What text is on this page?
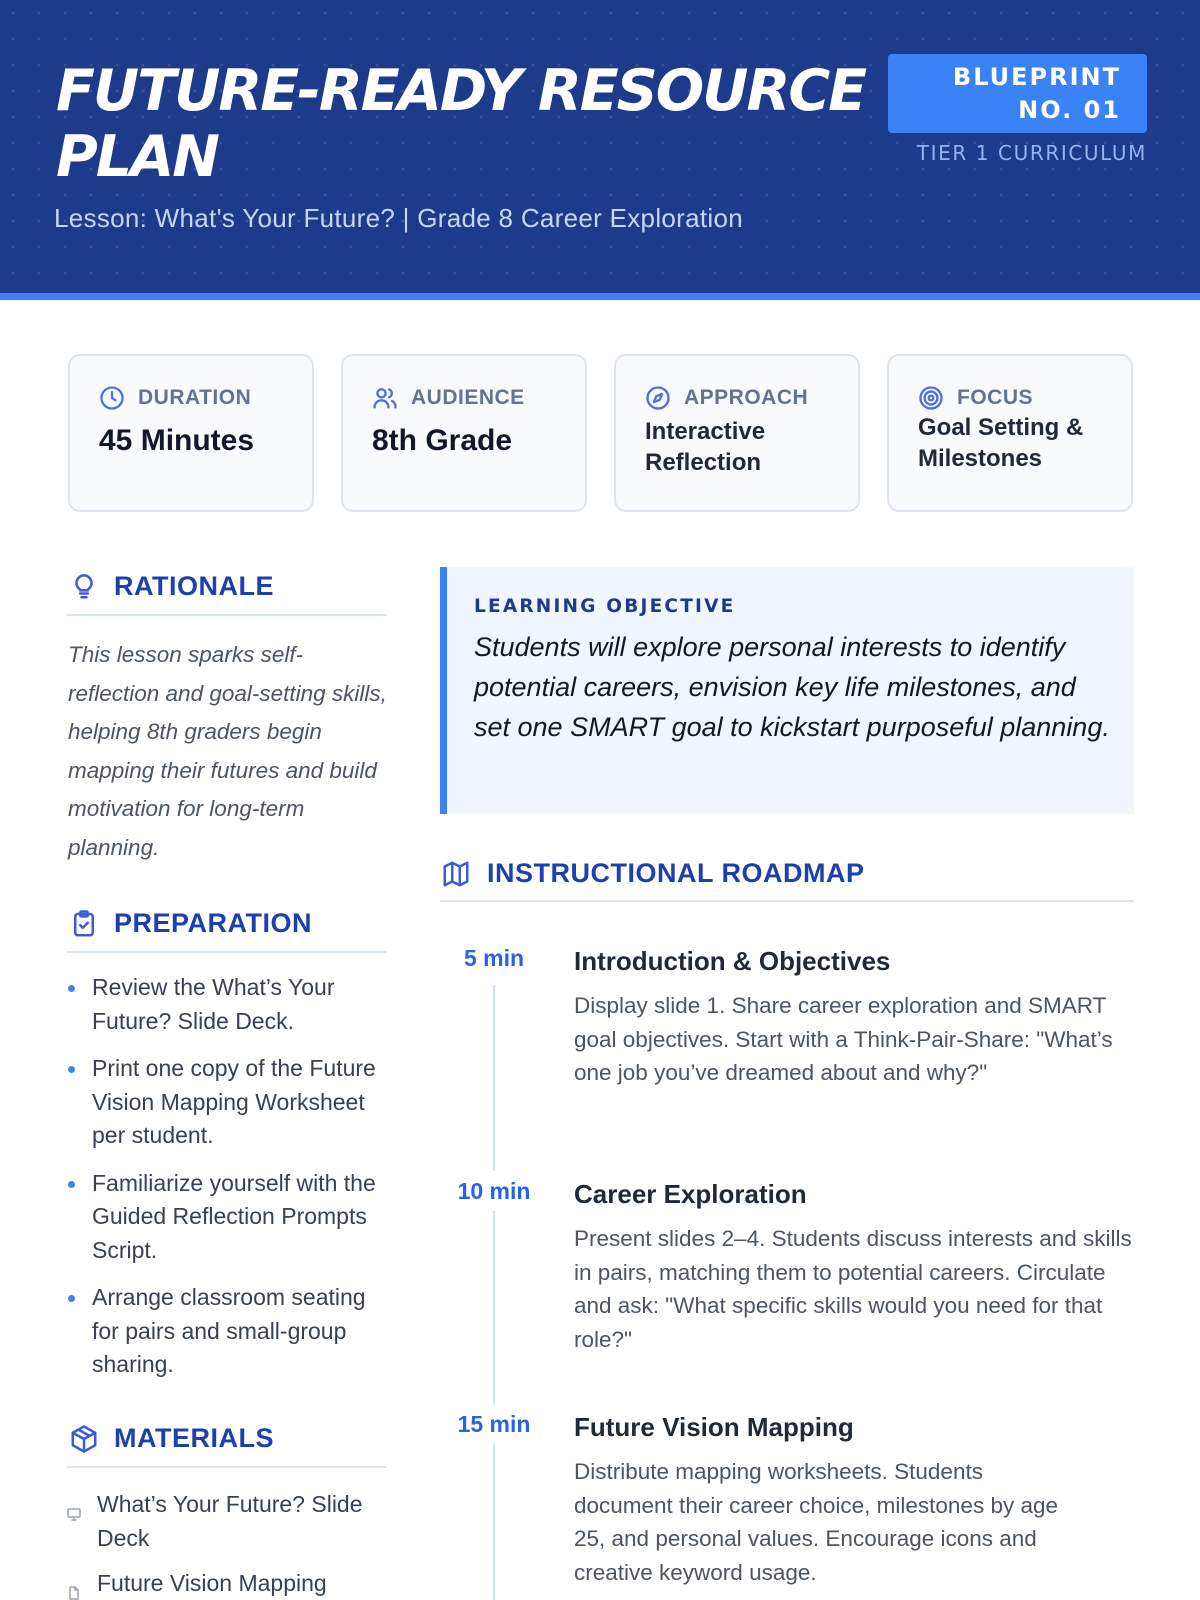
FUTURE-READY RESOURCE PLAN
Lesson: What's Your Future? | Grade 8 Career Exploration
BLUEPRINT
NO. 01
TIER 1 CURRICULUM
DURATION
45 Minutes
AUDIENCE
8th Grade
APPROACH
Interactive Reflection
FOCUS
Goal Setting & Milestones
RATIONALE
This lesson sparks self-reflection and goal-setting skills, helping 8th graders begin mapping their futures and build motivation for long-term planning.
PREPARATION
Review the What’s Your Future? Slide Deck.
Print one copy of the Future Vision Mapping Worksheet per student.
Familiarize yourself with the Guided Reflection Prompts Script.
Arrange classroom seating for pairs and small-group sharing.
MATERIALS
What’s Your Future? Slide Deck
Future Vision Mapping
LEARNING OBJECTIVE
Students will explore personal interests to identify potential careers, envision key life milestones, and set one SMART goal to kickstart purposeful planning.
INSTRUCTIONAL ROADMAP
5 min	Introduction & Objectives
Display slide 1. Share career exploration and SMART goal objectives. Start with a Think-Pair-Share: "What’s one job you’ve dreamed about and why?"
10 min	Career Exploration
Present slides 2–4. Students discuss interests and skills in pairs, matching them to potential careers. Circulate and ask: "What specific skills would you need for that role?"
15 min	Future Vision Mapping
Distribute mapping worksheets. Students document their career choice, milestones by age 25, and personal values. Encourage icons and creative keyword usage.
